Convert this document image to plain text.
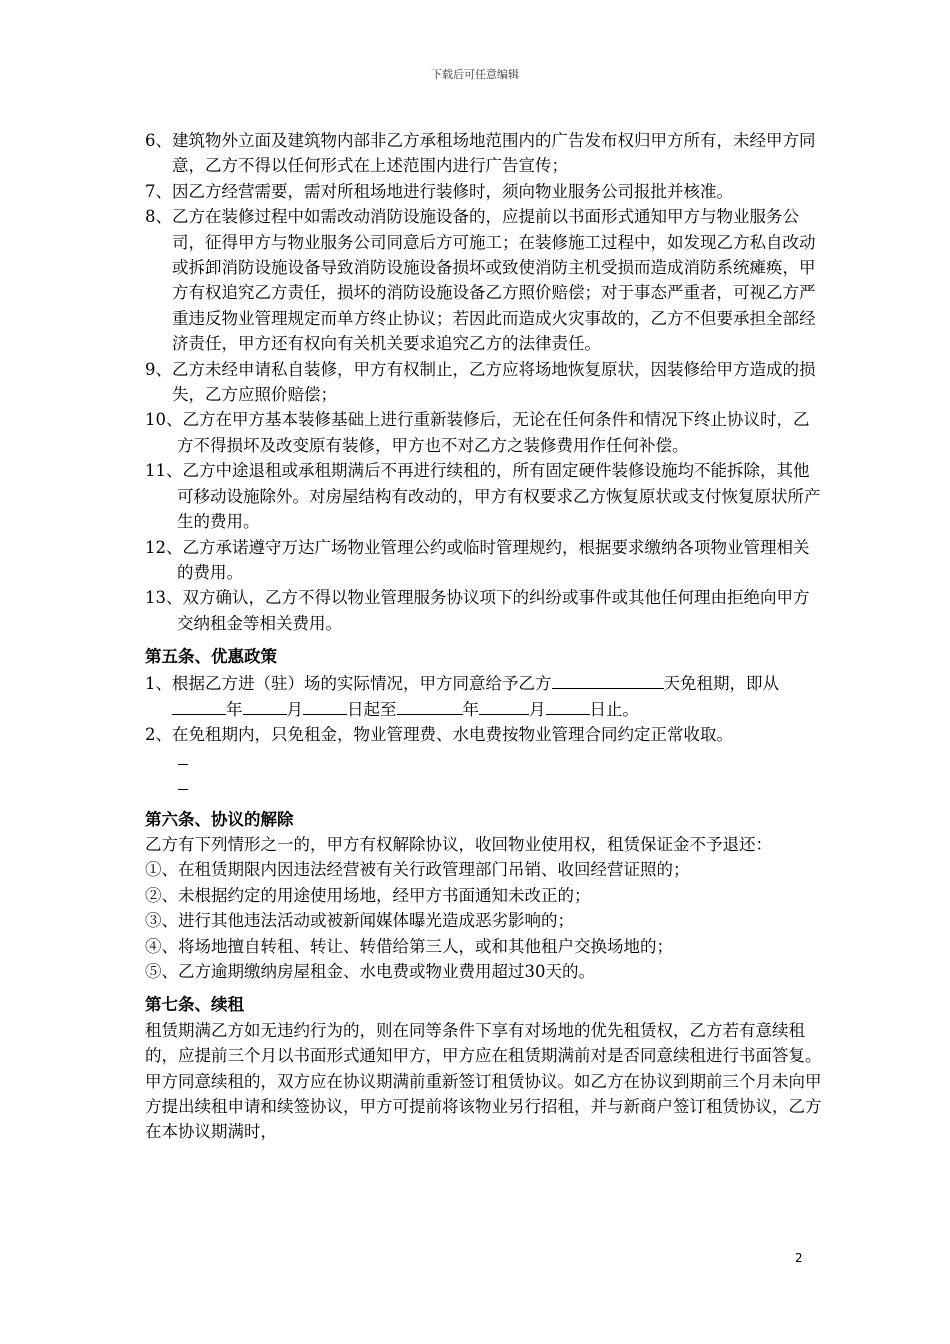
下载后可任意编辑

6、建筑物外立面及建筑物内部非乙方承租场地范围内的广告发布权归甲方所有，未经甲方同意，乙方不得以任何形式在上述范围内进行广告宣传；

7、因乙方经营需要，需对所租场地进行装修时，须向物业服务公司报批并核准。

8、乙方在装修过程中如需改动消防设施设备的，应提前以书面形式通知甲方与物业服务公司，征得甲方与物业服务公司同意后方可施工；在装修施工过程中，如发现乙方私自改动或拆卸消防设施设备导致消防设施设备损坏或致使消防主机受损而造成消防系统瘫痪，甲方有权追究乙方责任，损坏的消防设施设备乙方照价赔偿；对于事态严重者，可视乙方严重违反物业管理规定而单方终止协议；若因此而造成火灾事故的，乙方不但要承担全部经济责任，甲方还有权向有关机关要求追究乙方的法律责任。

9、乙方未经申请私自装修，甲方有权制止，乙方应将场地恢复原状，因装修给甲方造成的损失，乙方应照价赔偿；

10、乙方在甲方基本装修基础上进行重新装修后，无论在任何条件和情况下终止协议时，乙方不得损坏及改变原有装修，甲方也不对乙方之装修费用作任何补偿。

11、乙方中途退租或承租期满后不再进行续租的，所有固定硬件装修设施均不能拆除，其他可移动设施除外。对房屋结构有改动的，甲方有权要求乙方恢复原状或支付恢复原状所产生的费用。

12、乙方承诺遵守万达广场物业管理公约或临时管理规约，根据要求缴纳各项物业管理相关的费用。

13、双方确认，乙方不得以物业管理服务协议项下的纠纷或事件或其他任何理由拒绝向甲方交纳租金等相关费用。

第五条、优惠政策

1、根据乙方进（驻）场的实际情况，甲方同意给予乙方	天免租期，即从年	月	日起至	年	月	日止。

2、在免租期内，只免租金，物业管理费、水电费按物业管理合同约定正常收取。

第六条、协议的解除

乙方有下列情形之一的，甲方有权解除协议，收回物业使用权，租赁保证金不予退还：

①、在租赁期限内因违法经营被有关行政管理部门吊销、收回经营证照的；

②、未根据约定的用途使用场地，经甲方书面通知未改正的；

③、进行其他违法活动或被新闻媒体曝光造成恶劣影响的；

④、将场地擅自转租、转让、转借给第三人，或和其他租户交换场地的；

⑤、乙方逾期缴纳房屋租金、水电费或物业费用超过30天的。

第七条、续租

租赁期满乙方如无违约行为的，则在同等条件下享有对场地的优先租赁权，乙方若有意续租的，应提前三个月以书面形式通知甲方，甲方应在租赁期满前对是否同意续租进行书面答复。甲方同意续租的，双方应在协议期满前重新签订租赁协议。如乙方在协议到期前三个月未向甲方提出续租申请和续签协议，甲方可提前将该物业另行招租，并与新商户签订租赁协议，乙方在本协议期满时，

2
